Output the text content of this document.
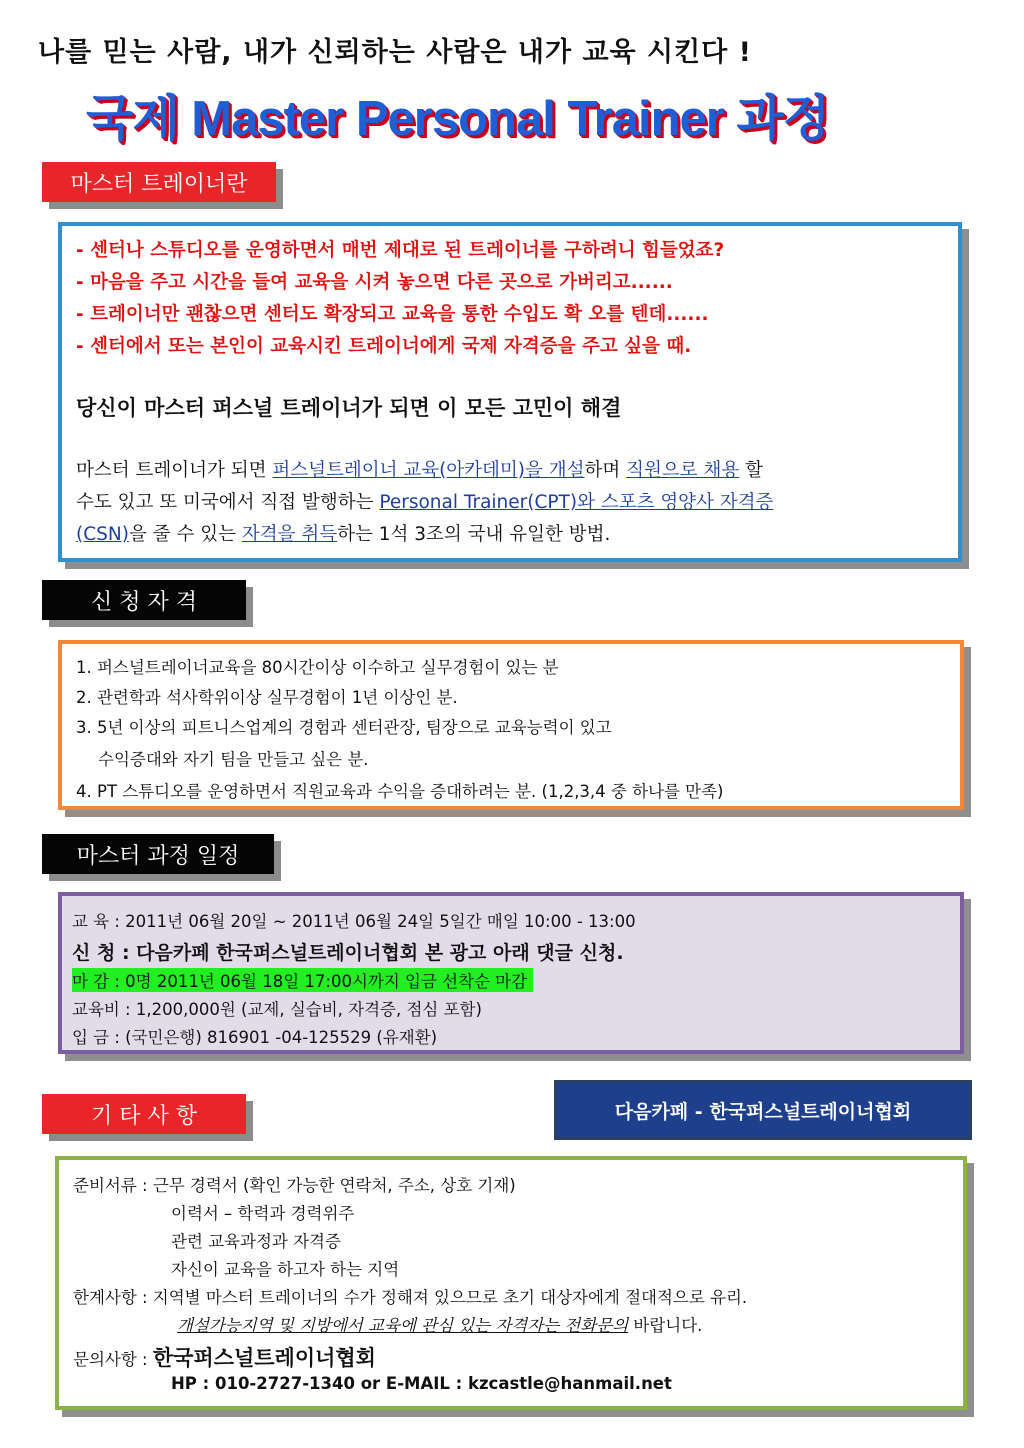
나를 믿는 사람, 내가 신뢰하는 사람은 내가 교육 시킨다 !
국제 Master Personal Trainer 과정
마스터 트레이너란
- 센터나 스튜디오를 운영하면서 매번 제대로 된 트레이너를 구하려니 힘들었죠?
- 마음을 주고 시간을 들여 교육을 시켜 놓으면 다른 곳으로 가버리고......
- 트레이너만 괜찮으면 센터도 확장되고 교육을 통한 수입도 확 오를 텐데......
- 센터에서 또는 본인이 교육시킨 트레이너에게 국제 자격증을 주고 싶을 때.
당신이 마스터 퍼스널 트레이너가 되면 이 모든 고민이 해결
마스터 트레이너가 되면 퍼스널트레이너 교육(아카데미)을 개설하며 직원으로 채용 할
수도 있고 또 미국에서 직접 발행하는 Personal Trainer(CPT)와 스포츠 영양사 자격증
(CSN)을 줄 수 있는 자격을 취득하는 1석 3조의 국내 유일한 방법.
신 청 자 격
1. 퍼스널트레이너교육을 80시간이상 이수하고 실무경험이 있는 분
2. 관련학과 석사학위이상 실무경험이 1년 이상인 분.
3. 5년 이상의 피트니스업계의 경험과 센터관장, 팀장으로 교육능력이 있고
수익증대와 자기 팀을 만들고 싶은 분.
4. PT 스튜디오를 운영하면서 직원교육과 수익을 증대하려는 분. (1,2,3,4 중 하나를 만족)
마스터 과정 일정
교 육 : 2011년 06월 20일 ~ 2011년 06월 24일 5일간 매일 10:00 - 13:00
신 청 : 다음카페 한국퍼스널트레이너협회 본 광고 아래 댓글 신청.
마 감 : 0명 2011년 06월 18일 17:00시까지 입금 선착순 마감
교육비 : 1,200,000원 (교제, 실습비, 자격증, 점심 포함)
입 금 : (국민은행) 816901 -04-125529 (유재환)
기 타 사 항	다음카페 - 한국퍼스널트레이너협회
준비서류 : 근무 경력서 (확인 가능한 연락처, 주소, 상호 기재)
이력서 – 학력과 경력위주
관련 교육과정과 자격증
자신이 교육을 하고자 하는 지역
한계사항 : 지역별 마스터 트레이너의 수가 정해져 있으므로 초기 대상자에게 절대적으로 유리.
개설가능지역 및 지방에서 교육에 관심 있는 자격자는 전화문의 바랍니다.
문의사항 : 한국퍼스널트레이너협회
HP : 010-2727-1340 or E-MAIL : kzcastle@hanmail.net
